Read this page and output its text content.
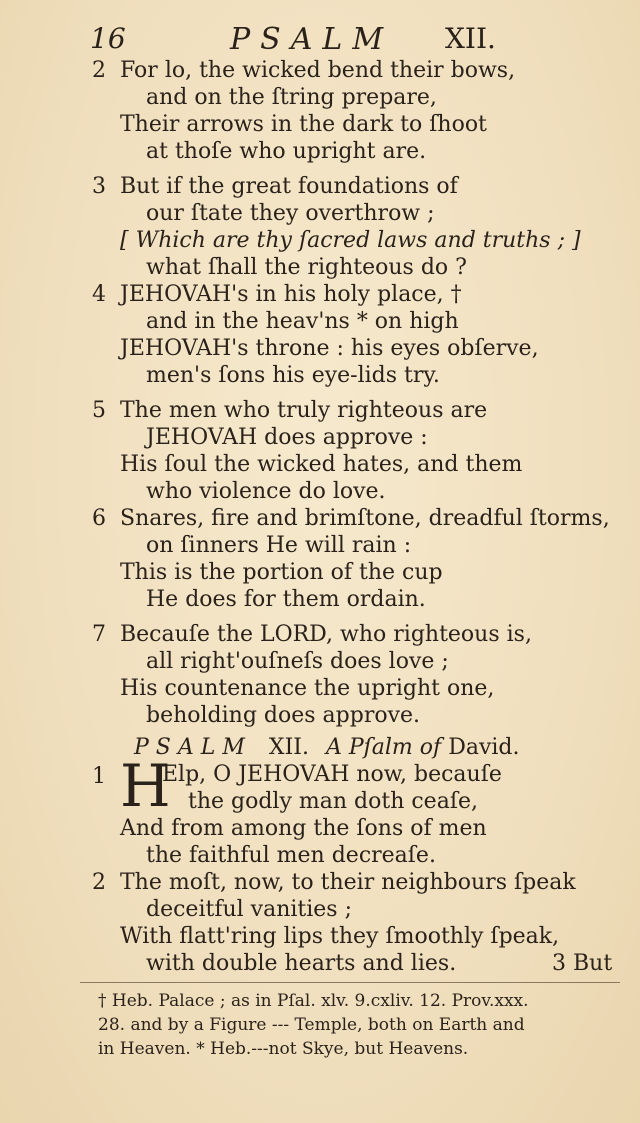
16	PSALM XII.
2 For lo, the wicked bend their bows,
and on the ſtring prepare,
Their arrows in the dark to ſhoot
at thoſe who upright are.
3 But if the great foundations of
our ſtate they overthrow ;
[ Which are thy ſacred laws and truths ; ]
what ſhall the righteous do ?
4 JEHOVAH's in his holy place, †
and in the heav'ns * on high
JEHOVAH's throne : his eyes obſerve,
men's ſons his eye-lids try.
5 The men who truly righteous are
JEHOVAH does approve :
His ſoul the wicked hates, and them
who violence do love.
6 Snares, fire and brimſtone, dreadful ſtorms,
on ſinners He will rain :
This is the portion of the cup
He does for them ordain.
7 Becauſe the LORD, who righteous is,
all right'ouſneſs does love ;
His countenance the upright one,
beholding does approve.
PSALM XII. A Pſalm of David.
1 H
Elp, O JEHOVAH now, becauſe
the godly man doth ceaſe,
And from among the ſons of men
the faithful men decreaſe.
2 The moſt, now, to their neighbours ſpeak
deceitful vanities ;
With flatt'ring lips they ſmoothly ſpeak,
with double hearts and lies.	3 But
† Heb. Palace ; as in Pſal. xlv. 9.cxliv. 12. Prov.xxx.
28. and by a Figure --- Temple, both on Earth and
in Heaven. * Heb.---not Skye, but Heavens.
